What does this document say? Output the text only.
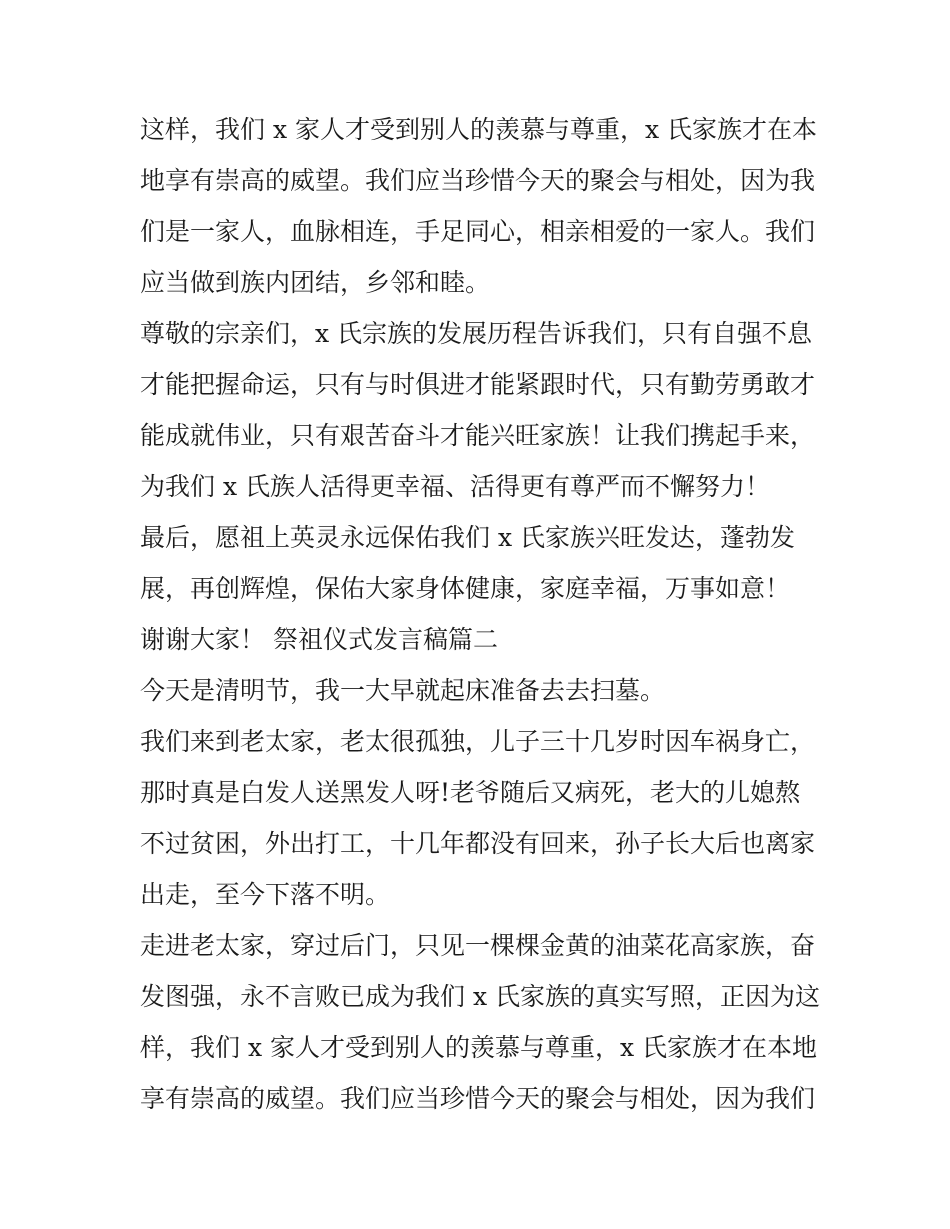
这样，我们 x 家人才受到别人的羡慕与尊重，x 氏家族才在本
地享有崇高的威望。我们应当珍惜今天的聚会与相处，因为我
们是一家人，血脉相连，手足同心，相亲相爱的一家人。我们
应当做到族内团结，乡邻和睦。
尊敬的宗亲们，x 氏宗族的发展历程告诉我们，只有自强不息
才能把握命运，只有与时俱进才能紧跟时代，只有勤劳勇敢才
能成就伟业，只有艰苦奋斗才能兴旺家族！让我们携起手来，
为我们 x 氏族人活得更幸福、活得更有尊严而不懈努力！
最后，愿祖上英灵永远保佑我们 x 氏家族兴旺发达，蓬勃发
展，再创辉煌，保佑大家身体健康，家庭幸福，万事如意！
谢谢大家！ 祭祖仪式发言稿篇二
今天是清明节，我一大早就起床准备去去扫墓。
我们来到老太家，老太很孤独，儿子三十几岁时因车祸身亡，
那时真是白发人送黑发人呀!老爷随后又病死，老大的儿媳熬
不过贫困，外出打工，十几年都没有回来，孙子长大后也离家
出走，至今下落不明。
走进老太家，穿过后门，只见一棵棵金黄的油菜花高家族，奋
发图强，永不言败已成为我们 x 氏家族的真实写照，正因为这
样，我们 x 家人才受到别人的羡慕与尊重，x 氏家族才在本地
享有崇高的威望。我们应当珍惜今天的聚会与相处，因为我们
